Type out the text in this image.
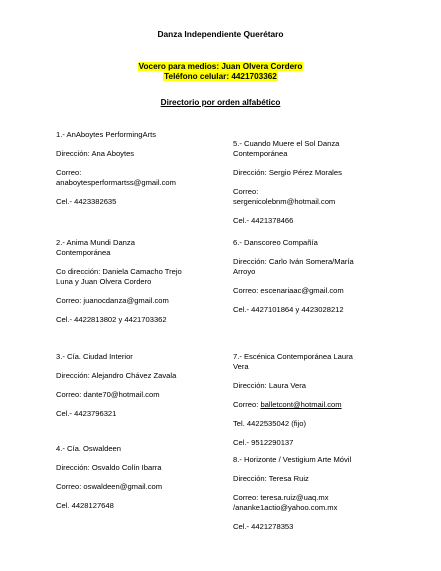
Danza Independiente Querétaro
Vocero para medios: Juan Olvera Cordero
Teléfono celular: 4421703362
Directorio por orden alfabético
1.- AnAboytes PerformingArts
Dirección: Ana Aboytes
Correo:
anaboytesperformartss@gmail.com
Cel.- 4423382635
5.- Cuando Muere el Sol Danza
Contemporánea
Dirección: Sergio Pérez Morales
Correo:
sergenicolebnm@hotmail.com
Cel.- 4421378466
2.- Anima Mundi Danza
Contemporánea
Co dirección: Daniela Camacho Trejo
Luna y Juan Olvera Cordero
Correo: juanocdanza@gmail.com
Cel.- 4422813802 y 4421703362
6.- Danscoreo Compañía
Dirección: Carlo Iván Somera/María
Arroyo
Correo: escenariaac@gmail.com
Cel.- 4427101864 y 4423028212
3.- Cía. Ciudad Interior
Dirección: Alejandro Chávez Zavala
Correo: dante70@hotmail.com
Cel.- 4423796321
7.- Escénica Contemporánea Laura
Vera
Dirección: Laura Vera
Correo: balletcont@hotmail.com
Tel. 4422535042 (fijo)
Cel.- 9512290137
4.- Cía. Oswaldeen
Dirección: Osvaldo Colín Ibarra
Correo: oswaldeen@gmail.com
Cel. 4428127648
8.- Horizonte / Vestigium Arte Móvil
Dirección: Teresa Ruiz
Correo: teresa.ruiz@uaq.mx
/ananke1actio@yahoo.com.mx
Cel.- 4421278353
